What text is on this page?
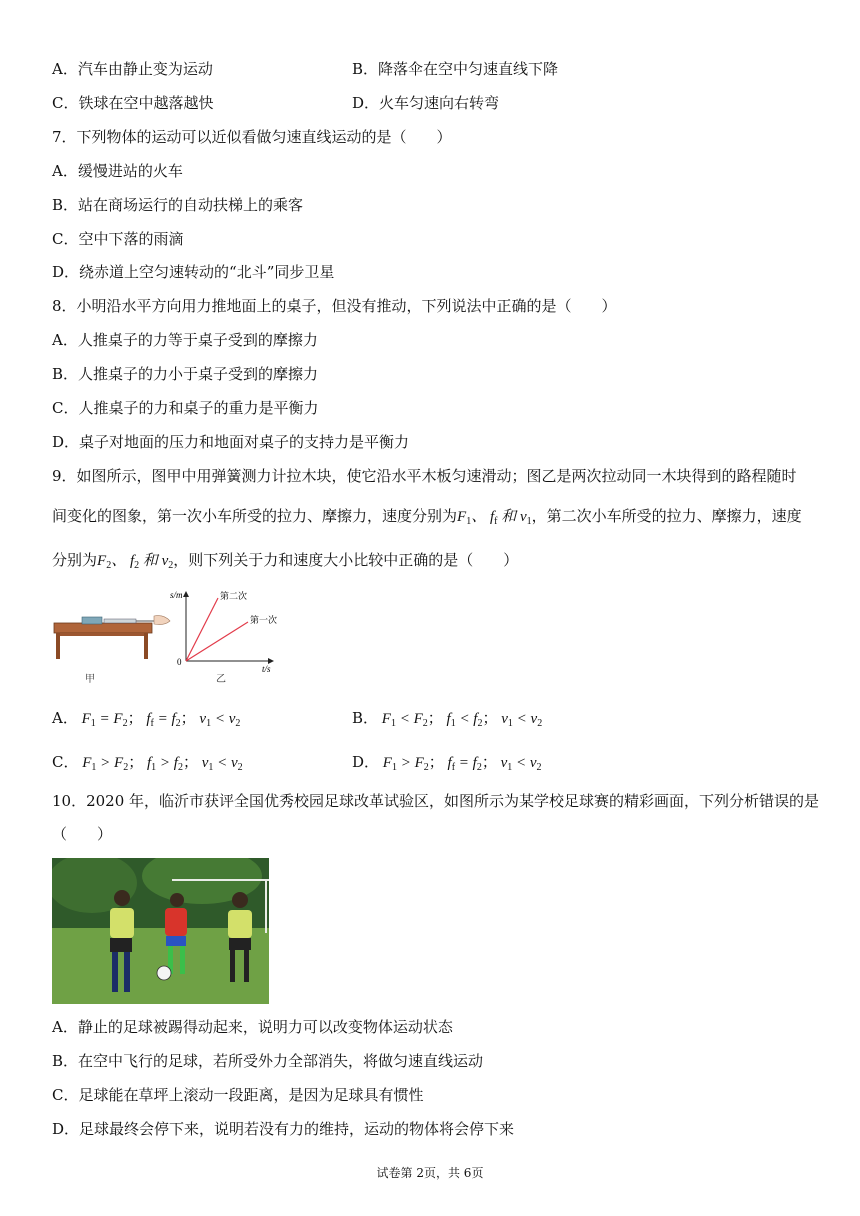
A．汽车由静止变为运动	B．降落伞在空中匀速直线下降
C．铁球在空中越落越快	D．火车匀速向右转弯
7．下列物体的运动可以近似看做匀速直线运动的是（　　）
A．缓慢进站的火车
B．站在商场运行的自动扶梯上的乘客
C．空中下落的雨滴
D．绕赤道上空匀速转动的“北斗”同步卫星
8．小明沿水平方向用力推地面上的桌子，但没有推动，下列说法中正确的是（　　）
A．人推桌子的力等于桌子受到的摩擦力
B．人推桌子的力小于桌子受到的摩擦力
C．人推桌子的力和桌子的重力是平衡力
D．桌子对地面的压力和地面对桌子的支持力是平衡力
9．如图所示，图甲中用弹簧测力计拉木块，使它沿水平木板匀速滑动；图乙是两次拉动同一木块得到的路程随时
间变化的图象，第一次小车所受的拉力、摩擦力，速度分别为$F_1$、 $f_f$ 和 $v_1$，第二次小车所受的拉力、摩擦力，速度
分别为$F_2$、 $f_2$ 和 $v_2$，则下列关于力和速度大小比较中正确的是（　　）
甲
s/m
t/s
0
第二次
第一次
乙
A． $F_1 = F_2$； $f_f = f_2$； $v_1 < v_2$	B． $F_1 < F_2$； $f_1 < f_2$； $v_1 < v_2$
C． $F_1 > F_2$； $f_1 > f_2$； $v_1 < v_2$	D． $F_1 > F_2$； $f_f = f_2$； $v_1 < v_2$
10．2020 年，临沂市获评全国优秀校园足球改革试验区，如图所示为某学校足球赛的精彩画面，下列分析错误的是
（　　）
A．静止的足球被踢得动起来，说明力可以改变物体运动状态
B．在空中飞行的足球，若所受外力全部消失，将做匀速直线运动
C．足球能在草坪上滚动一段距离，是因为足球具有惯性
D．足球最终会停下来，说明若没有力的维持，运动的物体将会停下来
试卷第 2页，共 6页
